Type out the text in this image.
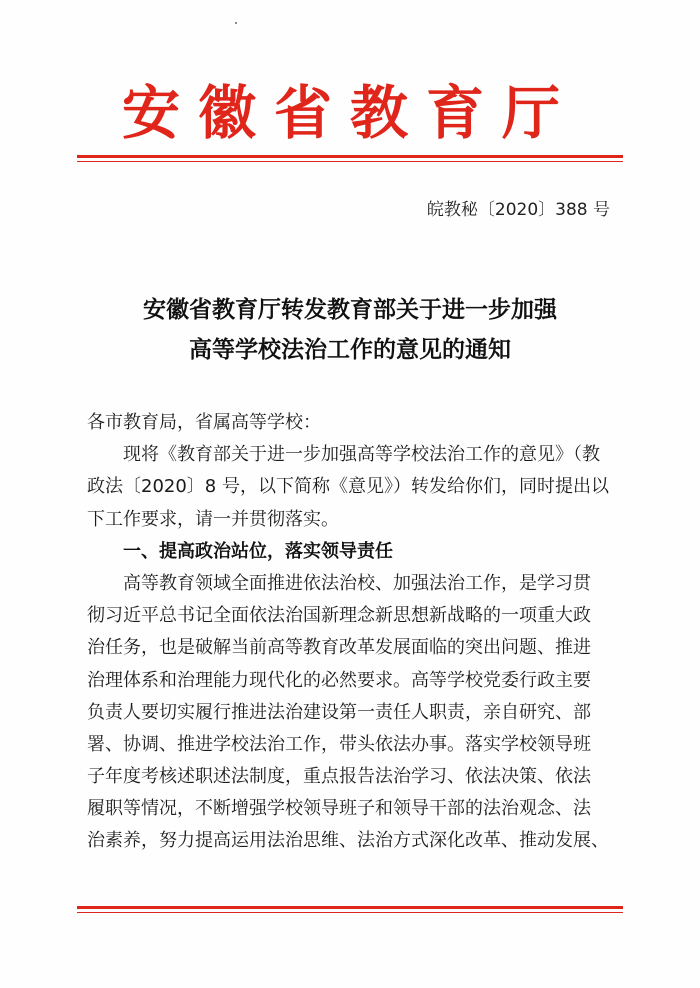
安徽省教育厅
皖教秘〔2020〕388 号
安徽省教育厅转发教育部关于进一步加强
高等学校法治工作的意见的通知
各市教育局，省属高等学校：
现将《教育部关于进一步加强高等学校法治工作的意见》（教
政法〔2020〕8 号，以下简称《意见》）转发给你们，同时提出以
下工作要求，请一并贯彻落实。
一、提高政治站位，落实领导责任
高等教育领域全面推进依法治校、加强法治工作，是学习贯
彻习近平总书记全面依法治国新理念新思想新战略的一项重大政
治任务，也是破解当前高等教育改革发展面临的突出问题、推进
治理体系和治理能力现代化的必然要求。高等学校党委行政主要
负责人要切实履行推进法治建设第一责任人职责，亲自研究、部
署、协调、推进学校法治工作，带头依法办事。落实学校领导班
子年度考核述职述法制度，重点报告法治学习、依法决策、依法
履职等情况，不断增强学校领导班子和领导干部的法治观念、法
治素养，努力提高运用法治思维、法治方式深化改革、推动发展、
